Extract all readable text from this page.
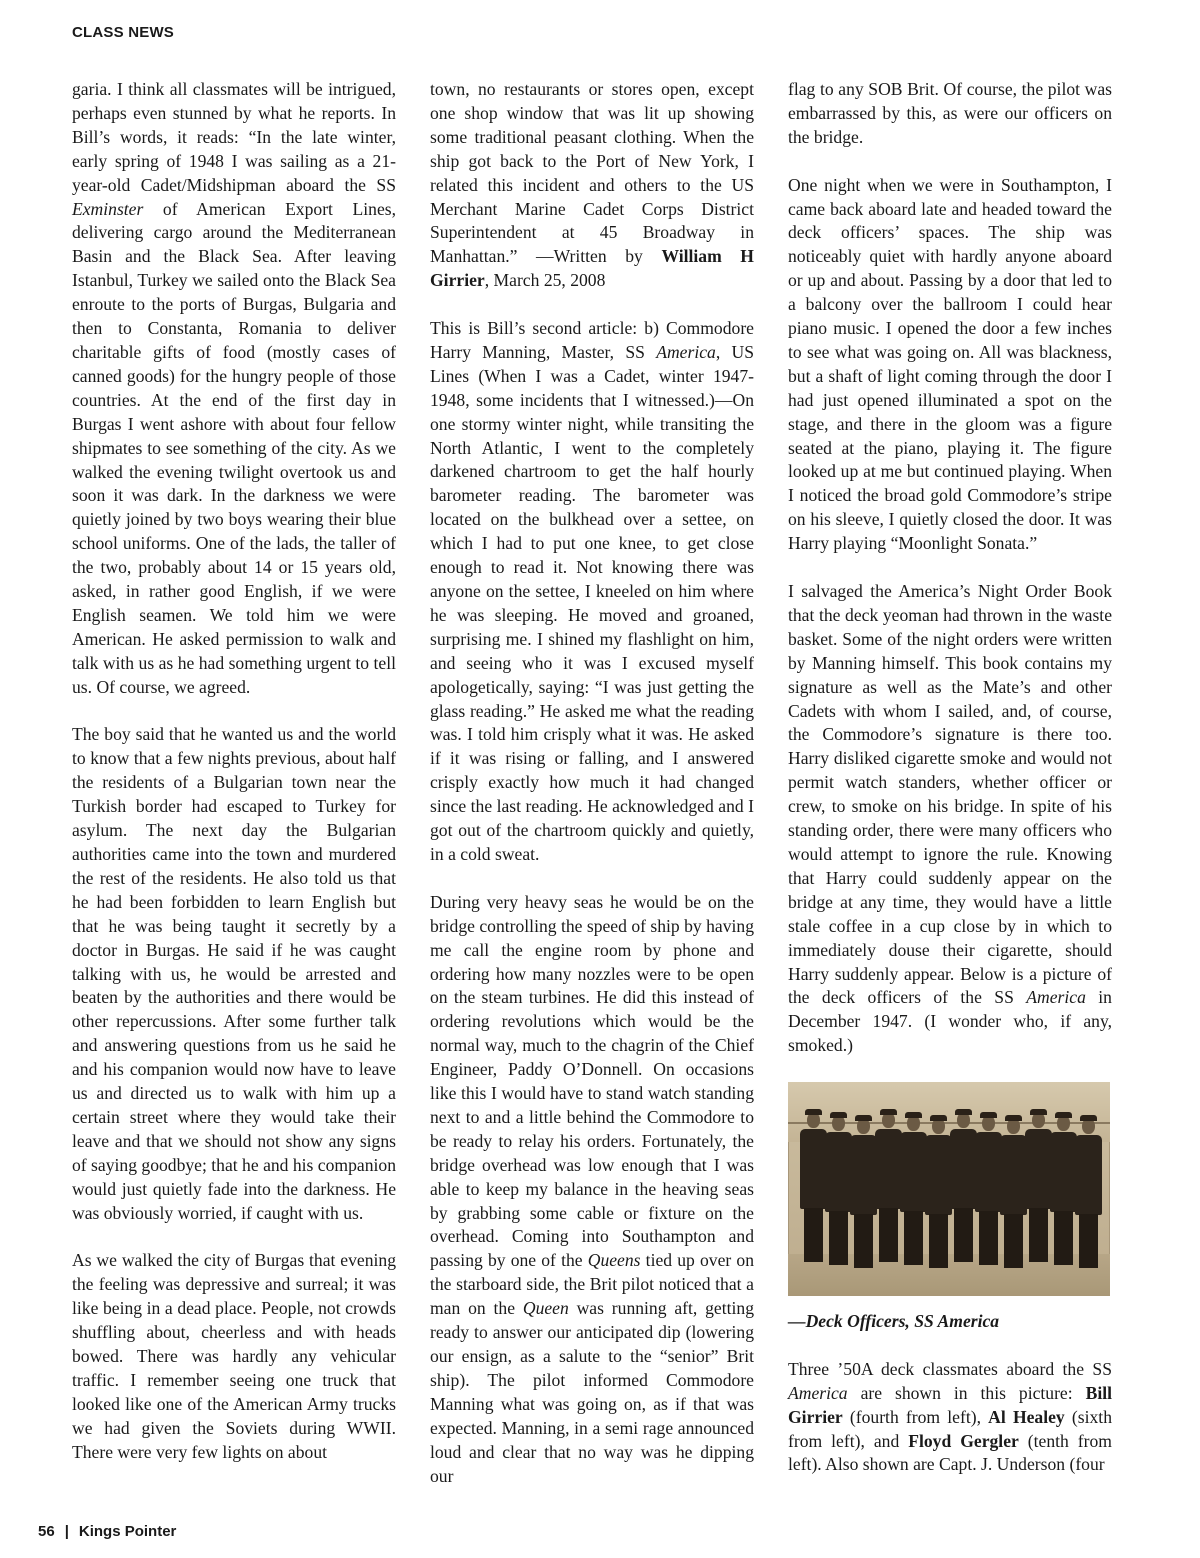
CLASS NEWS

garia. I think all classmates will be intrigued, perhaps even stunned by what he reports. In Bill’s words, it reads: “In the late winter, early spring of 1948 I was sailing as a 21-year-old Cadet/Midshipman aboard the SS Exminster of American Export Lines, delivering cargo around the Mediterranean Basin and the Black Sea. After leaving Istanbul, Turkey we sailed onto the Black Sea enroute to the ports of Burgas, Bulgaria and then to Constanta, Romania to deliver charitable gifts of food (mostly cases of canned goods) for the hungry people of those countries. At the end of the first day in Burgas I went ashore with about four fellow shipmates to see something of the city. As we walked the evening twilight overtook us and soon it was dark. In the darkness we were quietly joined by two boys wearing their blue school uniforms. One of the lads, the taller of the two, probably about 14 or 15 years old, asked, in rather good English, if we were English seamen. We told him we were American. He asked permission to walk and talk with us as he had something urgent to tell us. Of course, we agreed.

The boy said that he wanted us and the world to know that a few nights previous, about half the residents of a Bulgarian town near the Turkish border had escaped to Turkey for asylum. The next day the Bulgarian authorities came into the town and murdered the rest of the residents. He also told us that he had been forbidden to learn English but that he was being taught it secretly by a doctor in Burgas. He said if he was caught talking with us, he would be arrested and beaten by the authorities and there would be other repercussions. After some further talk and answering questions from us he said he and his companion would now have to leave us and directed us to walk with him up a certain street where they would take their leave and that we should not show any signs of saying goodbye; that he and his companion would just quietly fade into the darkness. He was obviously worried, if caught with us.

As we walked the city of Burgas that evening the feeling was depressive and surreal; it was like being in a dead place. People, not crowds shuffling about, cheerless and with heads bowed. There was hardly any vehicular traffic. I remember seeing one truck that looked like one of the American Army trucks we had given the Soviets during WWII. There were very few lights on about

town, no restaurants or stores open, except one shop window that was lit up showing some traditional peasant clothing. When the ship got back to the Port of New York, I related this incident and others to the US Merchant Marine Cadet Corps District Superintendent at 45 Broadway in Manhattan.” —Written by William H Girrier, March 25, 2008

This is Bill’s second article: b) Commodore Harry Manning, Master, SS America, US Lines (When I was a Cadet, winter 1947-1948, some incidents that I witnessed.)—On one stormy winter night, while transiting the North Atlantic, I went to the completely darkened chartroom to get the half hourly barometer reading. The barometer was located on the bulkhead over a settee, on which I had to put one knee, to get close enough to read it. Not knowing there was anyone on the settee, I kneeled on him where he was sleeping. He moved and groaned, surprising me. I shined my flashlight on him, and seeing who it was I excused myself apologetically, saying: “I was just getting the glass reading.” He asked me what the reading was. I told him crisply what it was. He asked if it was rising or falling, and I answered crisply exactly how much it had changed since the last reading. He acknowledged and I got out of the chartroom quickly and quietly, in a cold sweat.

During very heavy seas he would be on the bridge controlling the speed of ship by having me call the engine room by phone and ordering how many nozzles were to be open on the steam turbines. He did this instead of ordering revolutions which would be the normal way, much to the chagrin of the Chief Engineer, Paddy O’Donnell. On occasions like this I would have to stand watch standing next to and a little behind the Commodore to be ready to relay his orders. Fortunately, the bridge overhead was low enough that I was able to keep my balance in the heaving seas by grabbing some cable or fixture on the overhead. Coming into Southampton and passing by one of the Queens tied up over on the starboard side, the Brit pilot noticed that a man on the Queen was running aft, getting ready to answer our anticipated dip (lowering our ensign, as a salute to the “senior” Brit ship). The pilot informed Commodore Manning what was going on, as if that was expected. Manning, in a semi rage announced loud and clear that no way was he dipping our

flag to any SOB Brit. Of course, the pilot was embarrassed by this, as were our officers on the bridge.

One night when we were in Southampton, I came back aboard late and headed toward the deck officers’ spaces. The ship was noticeably quiet with hardly anyone aboard or up and about. Passing by a door that led to a balcony over the ballroom I could hear piano music. I opened the door a few inches to see what was going on. All was blackness, but a shaft of light coming through the door I had just opened illuminated a spot on the stage, and there in the gloom was a figure seated at the piano, playing it. The figure looked up at me but continued playing. When I noticed the broad gold Commodore’s stripe on his sleeve, I quietly closed the door. It was Harry playing “Moonlight Sonata.”

I salvaged the America’s Night Order Book that the deck yeoman had thrown in the waste basket. Some of the night orders were written by Manning himself. This book contains my signature as well as the Mate’s and other Cadets with whom I sailed, and, of course, the Commodore’s signature is there too. Harry disliked cigarette smoke and would not permit watch standers, whether officer or crew, to smoke on his bridge. In spite of his standing order, there were many officers who would attempt to ignore the rule. Knowing that Harry could suddenly appear on the bridge at any time, they would have a little stale coffee in a cup close by in which to immediately douse their cigarette, should Harry suddenly appear. Below is a picture of the deck officers of the SS America in December 1947. (I wonder who, if any, smoked.)

—Deck Officers, SS America

Three ’50A deck classmates aboard the SS America are shown in this picture: Bill Girrier (fourth from left), Al Healey (sixth from left), and Floyd Gergler (tenth from left). Also shown are Capt. J. Underson (four

56 | Kings Pointer
